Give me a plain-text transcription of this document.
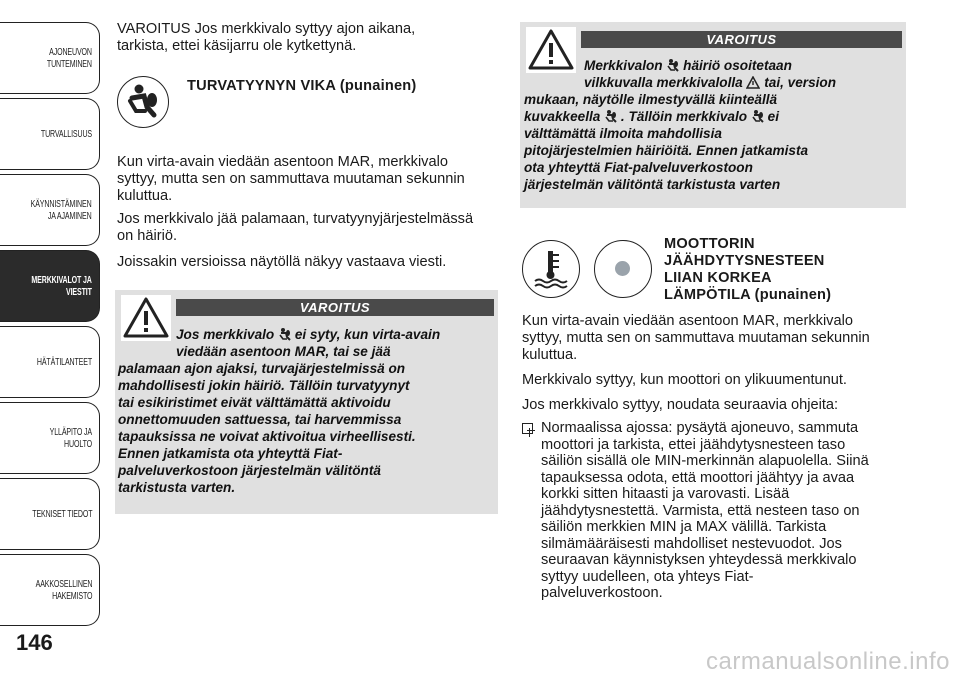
AJONEUVON
TUNTEMINEN
TURVALLISUUS
KÄYNNISTÄMINEN
JA AJAMINEN
MERKKIVALOT JA
VIESTIT
HÄTÄTILANTEET
YLLÄPITO JA HUOLTO
TEKNISET TIEDOT
AAKKOSELLINEN
HAKEMISTO
146
VAROITUS Jos merkkivalo syttyy ajon aikana,
tarkista, ettei käsijarru ole kytkettynä.
TURVATYYNYN VIKA (punainen)
Kun virta-avain viedään asentoon MAR, merkkivalo
syttyy, mutta sen on sammuttava muutaman sekunnin
kuluttua.
Jos merkkivalo jää palamaan, turvatyynyjärjestelmässä
on häiriö.
Joissakin versioissa näytöllä näkyy vastaava viesti.
VAROITUS
Jos merkkivalo ei syty, kun virta-avain
viedään asentoon MAR, tai se jää
palamaan ajon ajaksi, turvajärjestelmissä on
mahdollisesti jokin häiriö. Tällöin turvatyynyt
tai esikiristimet eivät välttämättä aktivoidu
onnettomuuden sattuessa, tai harvemmissa
tapauksissa ne voivat aktivoitua virheellisesti.
Ennen jatkamista ota yhteyttä Fiat-
palveluverkostoon järjestelmän välitöntä
tarkistusta varten.
VAROITUS
Merkkivalon häiriö osoitetaan
vilkkuvalla merkkivalolla tai, version
mukaan, näytölle ilmestyvällä kiinteällä
kuvakkeella . Tällöin merkkivalo ei
välttämättä ilmoita mahdollisia
pitojärjestelmien häiriöitä. Ennen jatkamista
ota yhteyttä Fiat-palveluverkostoon
järjestelmän välitöntä tarkistusta varten
MOOTTORIN
JÄÄHDYTYSNESTEEN
LIIAN KORKEA
LÄMPÖTILA (punainen)
Kun virta-avain viedään asentoon MAR, merkkivalo
syttyy, mutta sen on sammuttava muutaman sekunnin
kuluttua.
Merkkivalo syttyy, kun moottori on ylikuumentunut.
Jos merkkivalo syttyy, noudata seuraavia ohjeita:
Normaalissa ajossa: pysäytä ajoneuvo, sammuta
moottori ja tarkista, ettei jäähdytysnesteen taso
säiliön sisällä ole MIN-merkinnän alapuolella. Siinä
tapauksessa odota, että moottori jäähtyy ja avaa
korkki sitten hitaasti ja varovasti. Lisää
jäähdytysnestettä. Varmista, että nesteen taso on
säiliön merkkien MIN ja MAX välillä. Tarkista
silmämääräisesti mahdolliset nestevuodot. Jos
seuraavan käynnistyksen yhteydessä merkkivalo
syttyy uudelleen, ota yhteys Fiat-
palveluverkostoon.
carmanualsonline.info
